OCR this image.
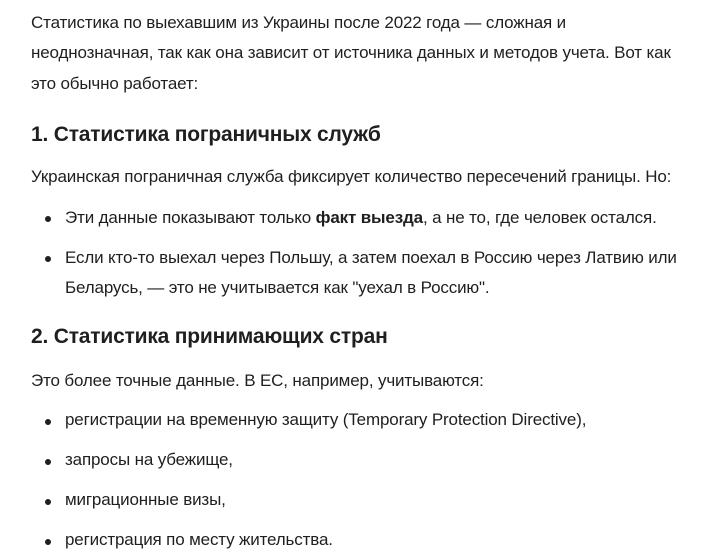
Статистика по выехавшим из Украины после 2022 года — сложная и

неоднозначная, так как она зависит от источника данных и методов учета. Вот как

это обычно работает:

1. Статистика пограничных служб

Украинская пограничная служба фиксирует количество пересечений границы. Но:

Эти данные показывают только факт выезда, а не то, где человек остался.

Если кто-то выехал через Польшу, а затем поехал в Россию через Латвию или

Беларусь, — это не учитывается как "уехал в Россию".

2. Статистика принимающих стран

Это более точные данные. В ЕС, например, учитываются:

регистрации на временную защиту (Temporary Protection Directive),

запросы на убежище,

миграционные визы,

регистрация по месту жительства.
